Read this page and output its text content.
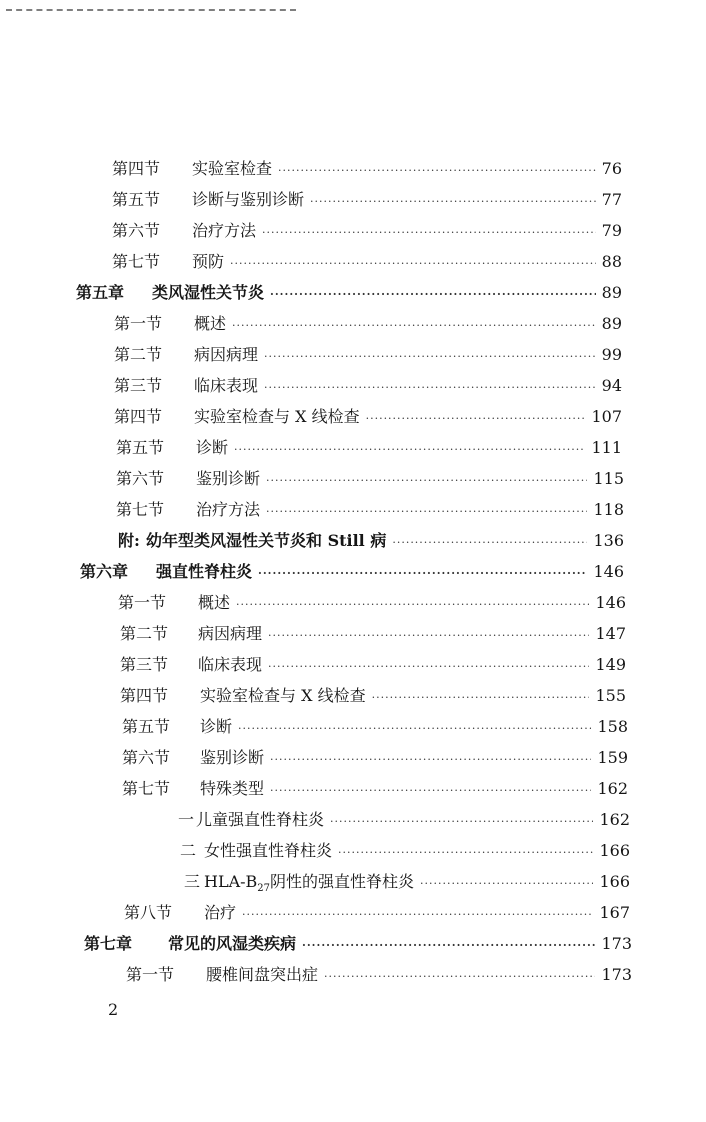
第四节	实验室检查 ·····	76
第五节	诊断与鉴别诊断 ·····	77
第六节	治疗方法 ·····	79
第七节	预防 ·····	88
第五章	类风湿性关节炎 ·····	89
第一节	概述 ·····	89
第二节	病因病理 ·····	99
第三节	临床表现 ·····	94
第四节	实验室检查与 X 线检查 ·····	107
第五节	诊断 ·····	111
第六节	鉴别诊断 ·····	115
第七节	治疗方法 ·····	118
附: 幼年型类风湿性关节炎和 Still 病 ·····	136
第六章	强直性脊柱炎 ·····	146
第一节	概述 ·····	146
第二节	病因病理 ·····	147
第三节	临床表现 ·····	149
第四节	实验室检查与 X 线检查 ·····	155
第五节	诊断 ·····	158
第六节	鉴别诊断 ·····	159
第七节	特殊类型 ·····	162
一 儿童强直性脊柱炎 ·····	162
二 女性强直性脊柱炎 ·····	166
三 HLA-$B_{27}$阴性的强直性脊柱炎 ·····	166
第八节	治疗 ·····	167
第七章	常见的风湿类疾病 ·····	173
第一节	腰椎间盘突出症 ·····	173
2
